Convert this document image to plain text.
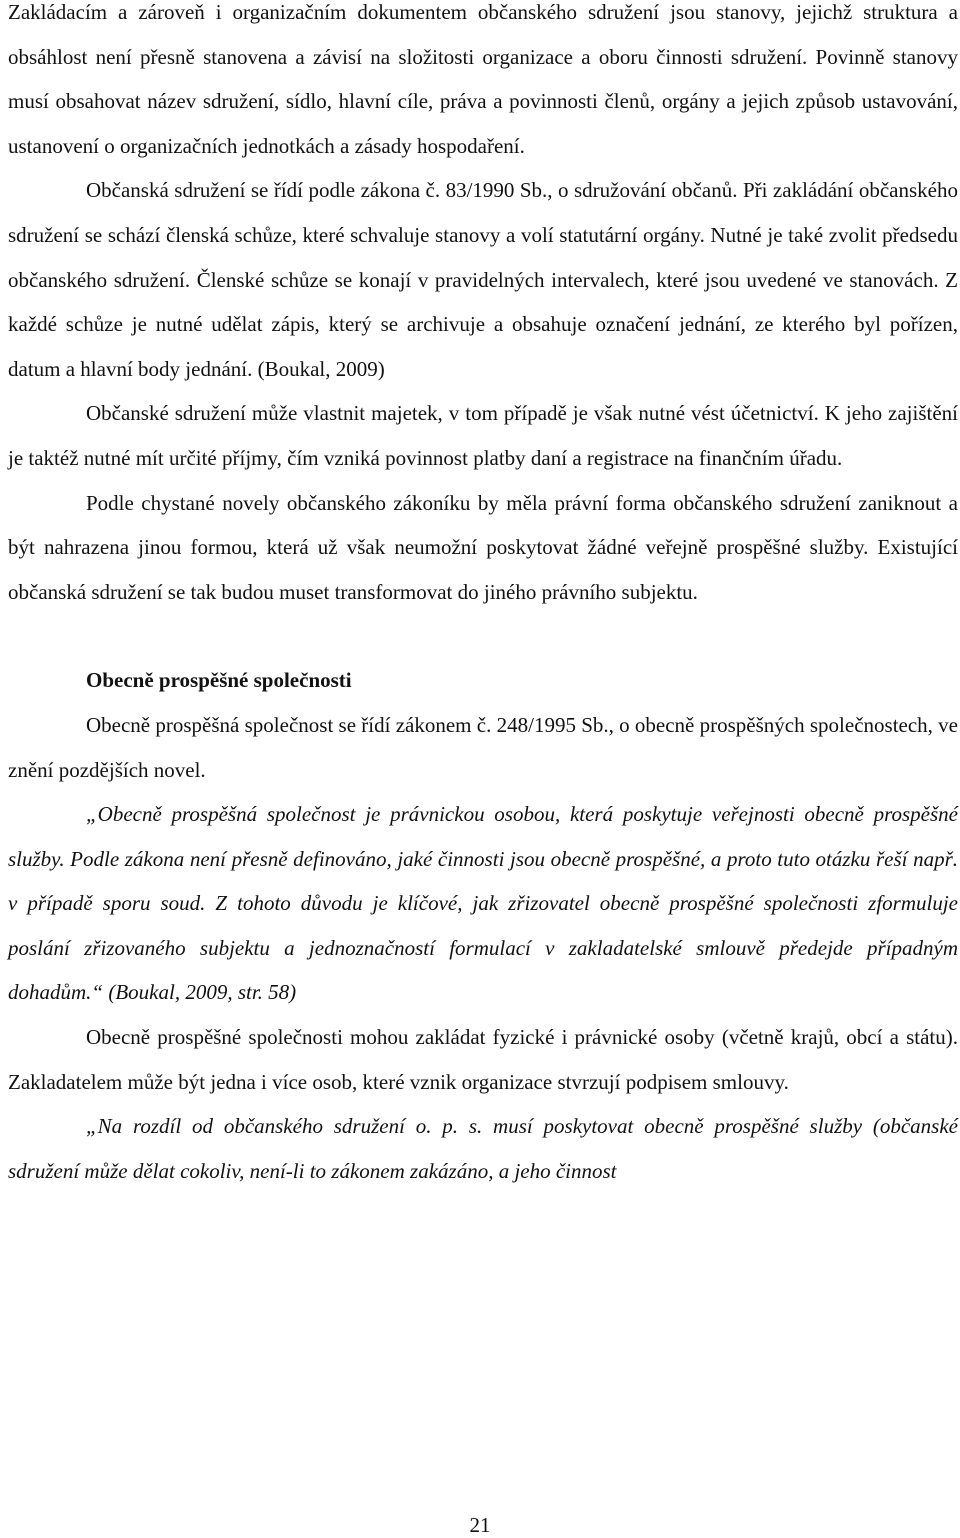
Zakládacím a zároveň i organizačním dokumentem občanského sdružení jsou stanovy, jejichž struktura a obsáhlost není přesně stanovena a závisí na složitosti organizace a oboru činnosti sdružení. Povinně stanovy musí obsahovat název sdružení, sídlo, hlavní cíle, práva a povinnosti členů, orgány a jejich způsob ustavování, ustanovení o organizačních jednotkách a zásady hospodaření.

Občanská sdružení se řídí podle zákona č. 83/1990 Sb., o sdružování občanů. Při zakládání občanského sdružení se schází členská schůze, které schvaluje stanovy a volí statutární orgány. Nutné je také zvolit předsedu občanského sdružení. Členské schůze se konají v pravidelných intervalech, které jsou uvedené ve stanovách. Z každé schůze je nutné udělat zápis, který se archivuje a obsahuje označení jednání, ze kterého byl pořízen, datum a hlavní body jednání. (Boukal, 2009)

Občanské sdružení může vlastnit majetek, v tom případě je však nutné vést účetnictví. K jeho zajištění je taktéž nutné mít určité příjmy, čím vzniká povinnost platby daní a registrace na finančním úřadu.

Podle chystané novely občanského zákoníku by měla právní forma občanského sdružení zaniknout a být nahrazena jinou formou, která už však neumožní poskytovat žádné veřejně prospěšné služby. Existující občanská sdružení se tak budou muset transformovat do jiného právního subjektu.

Obecně prospěšné společnosti

Obecně prospěšná společnost se řídí zákonem č. 248/1995 Sb., o obecně prospěšných společnostech, ve znění pozdějších novel.

„Obecně prospěšná společnost je právnickou osobou, která poskytuje veřejnosti obecně prospěšné služby. Podle zákona není přesně definováno, jaké činnosti jsou obecně prospěšné, a proto tuto otázku řeší např. v případě sporu soud. Z tohoto důvodu je klíčové, jak zřizovatel obecně prospěšné společnosti zformuluje poslání zřizovaného subjektu a jednoznačností formulací v zakladatelské smlouvě předejde případným dohadům.“ (Boukal, 2009, str. 58)

Obecně prospěšné společnosti mohou zakládat fyzické i právnické osoby (včetně krajů, obcí a státu). Zakladatelem může být jedna i více osob, které vznik organizace stvrzují podpisem smlouvy.

„Na rozdíl od občanského sdružení o. p. s. musí poskytovat obecně prospěšné služby (občanské sdružení může dělat cokoliv, není-li to zákonem zakázáno, a jeho činnost

21
